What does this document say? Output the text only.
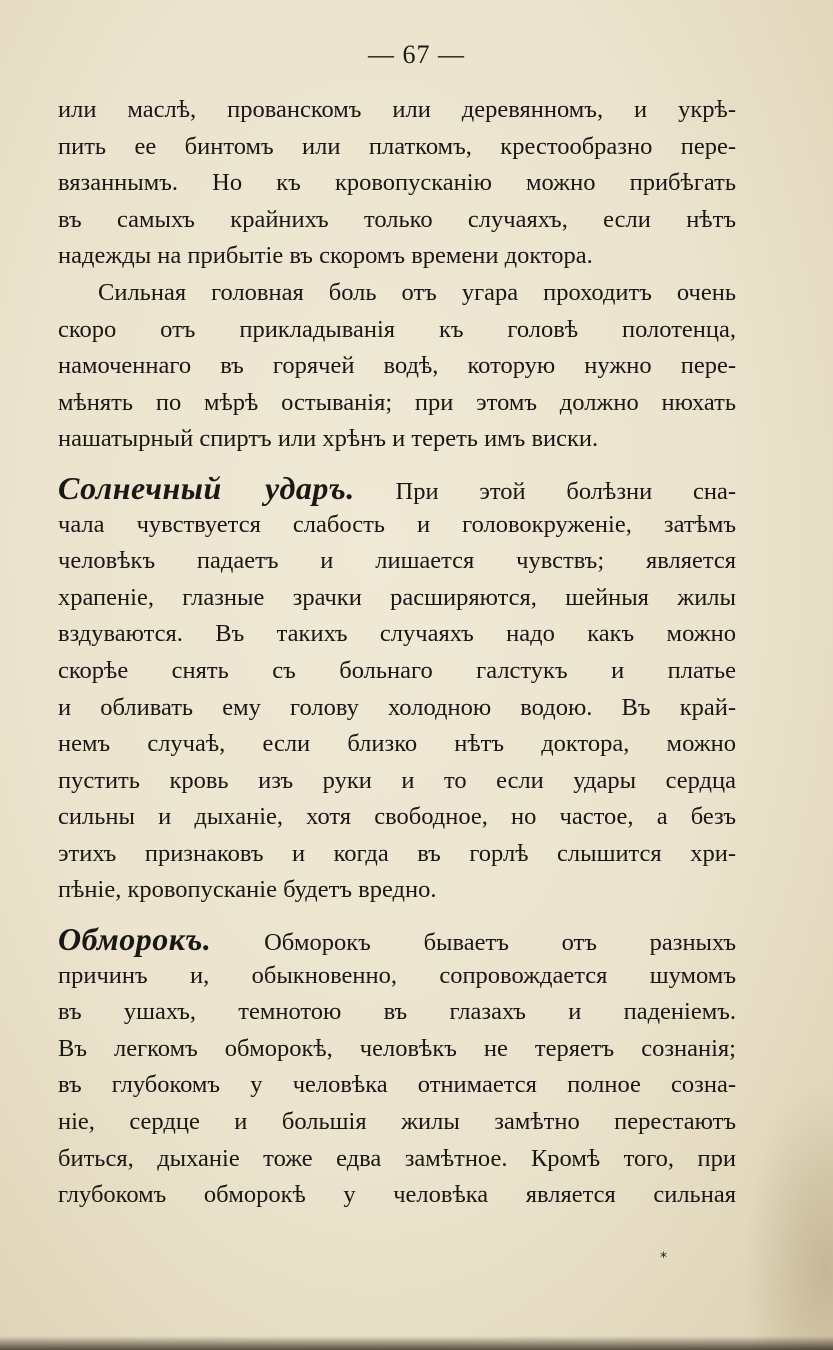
— 67 —
или маслѣ, прованскомъ или деревянномъ, и укрѣ-
пить ее бинтомъ или платкомъ, крестообразно пере-
вязаннымъ. Но къ кровопусканію можно прибѣгать
въ самыхъ крайнихъ только случаяхъ, если нѣтъ
надежды на прибытіе въ скоромъ времени доктора.
Сильная головная боль отъ угара проходитъ очень
скоро отъ прикладыванія къ головѣ полотенца,
намоченнаго въ горячей водѣ, которую нужно пере-
мѣнять по мѣрѣ остыванія; при этомъ должно нюхать
нашатырный спиртъ или хрѣнъ и тереть имъ виски.
Солнечный ударъ. При этой болѣзни сна-
чала чувствуется слабость и головокруженіе, затѣмъ
человѣкъ падаетъ и лишается чувствъ; является
храпеніе, глазные зрачки расширяются, шейныя жилы
вздуваются. Въ такихъ случаяхъ надо какъ можно
скорѣе снять съ больнаго галстукъ и платье
и обливать ему голову холодною водою. Въ край-
немъ случаѣ, если близко нѣтъ доктора, можно
пустить кровь изъ руки и то если удары сердца
сильны и дыханіе, хотя свободное, но частое, а безъ
этихъ признаковъ и когда въ горлѣ слышится хри-
пѣніе, кровопусканіе будетъ вредно.
Обморокъ. Обморокъ бываетъ отъ разныхъ
причинъ и, обыкновенно, сопровождается шумомъ
въ ушахъ, темнотою въ глазахъ и паденіемъ.
Въ легкомъ обморокѣ, человѣкъ не теряетъ сознанія;
въ глубокомъ у человѣка отнимается полное созна-
ніе, сердце и большія жилы замѣтно перестаютъ
биться, дыханіе тоже едва замѣтное. Кромѣ того, при
глубокомъ обморокѣ у человѣка является сильная
*
